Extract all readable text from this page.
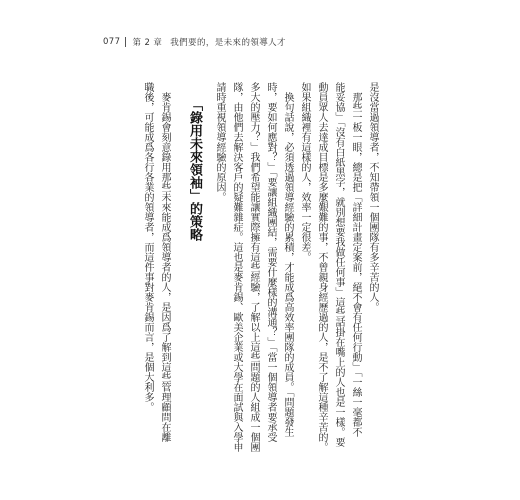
077 第 2 章 我們要的，是未來的領導人才
是沒當過領導者，不知帶領一個團隊有多辛苦的人。
　那些一板一眼，總是把「詳細計畫定案前，絕不會有任何行動」「一絲一毫都不
能妥協」「沒有白紙黑字，就別想要我做任何事」這些話掛在嘴上的人也是一樣。要
動員眾人去達成目標是多麼艱難的事，不曾親身經歷過的人，是不了解這種辛苦的。
如果組織裡有這樣的人，效率一定很差。
　換句話說，必須透過領導經驗的累積，才能成爲高效率團隊的成員。「問題發生
時，要如何應對？」「要讓組織團結，需要什麼樣的溝通？」「當一個領導者要承受
多大的壓力？」我們希望能讓實際擁有這些經驗，了解以上這些問題的人組成一個團
隊，由他們去解決客戶的疑難雜症。這也是麥肯錫、歐美企業或大學在面試與入學申
請時重視領導經驗的原因。
「錄用未來領袖」的策略
　麥肯錫會刻意錄用那些未來能成爲領導者的人，是因爲了解到這些管理顧問在離
職後，可能成爲各行各業的領導者，而這件事對麥肯錫而言，是個大利多。
